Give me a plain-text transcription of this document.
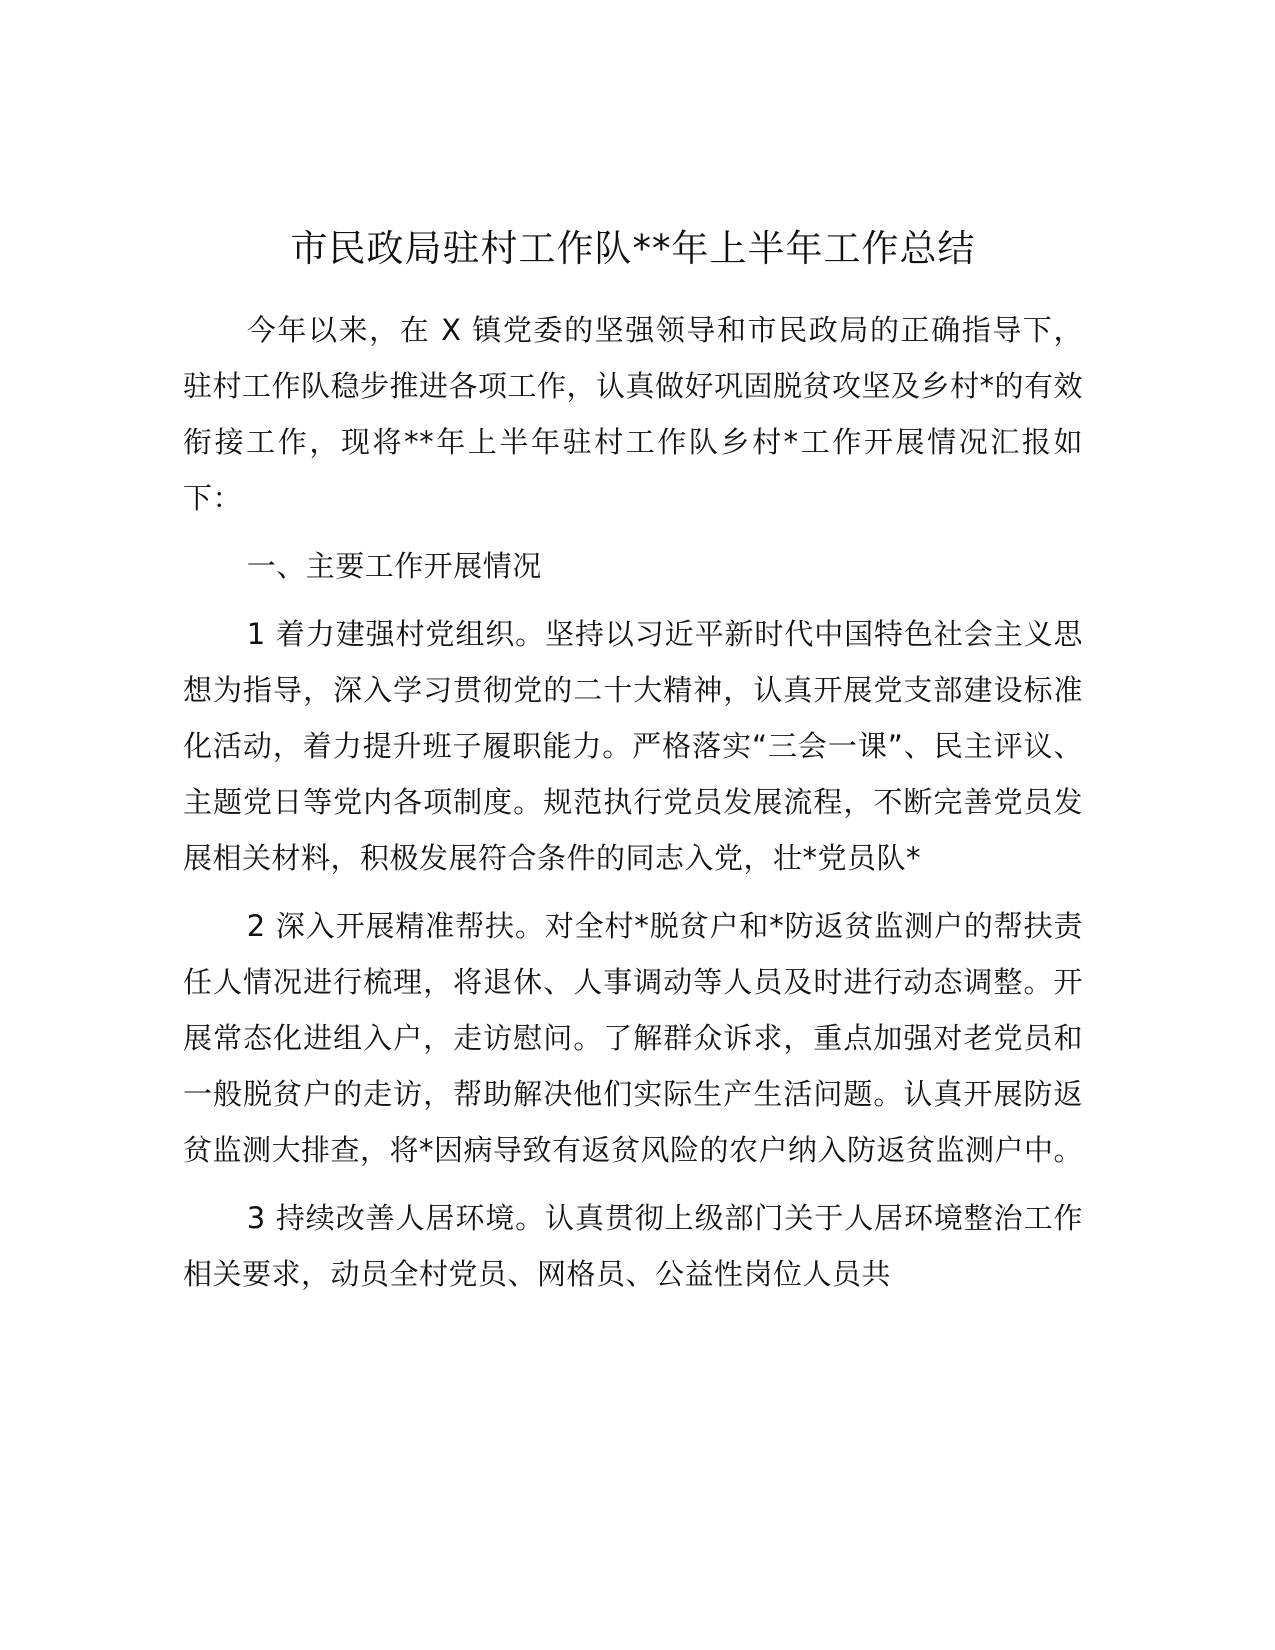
市民政局驻村工作队**年上半年工作总结

今年以来，在 X 镇党委的坚强领导和市民政局的正确指导下，驻村工作队稳步推进各项工作，认真做好巩固脱贫攻坚及乡村*的有效衔接工作，现将**年上半年驻村工作队乡村*工作开展情况汇报如下：

一、主要工作开展情况

1 着力建强村党组织。坚持以习近平新时代中国特色社会主义思想为指导，深入学习贯彻党的二十大精神，认真开展党支部建设标准化活动，着力提升班子履职能力。严格落实“三会一课”、民主评议、主题党日等党内各项制度。规范执行党员发展流程，不断完善党员发展相关材料，积极发展符合条件的同志入党，壮*党员队*

2 深入开展精准帮扶。对全村*脱贫户和*防返贫监测户的帮扶责任人情况进行梳理，将退休、人事调动等人员及时进行动态调整。开展常态化进组入户，走访慰问。了解群众诉求，重点加强对老党员和一般脱贫户的走访，帮助解决他们实际生产生活问题。认真开展防返贫监测大排查，将*因病导致有返贫风险的农户纳入防返贫监测户中。

3 持续改善人居环境。认真贯彻上级部门关于人居环境整治工作相关要求，动员全村党员、网格员、公益性岗位人员共
